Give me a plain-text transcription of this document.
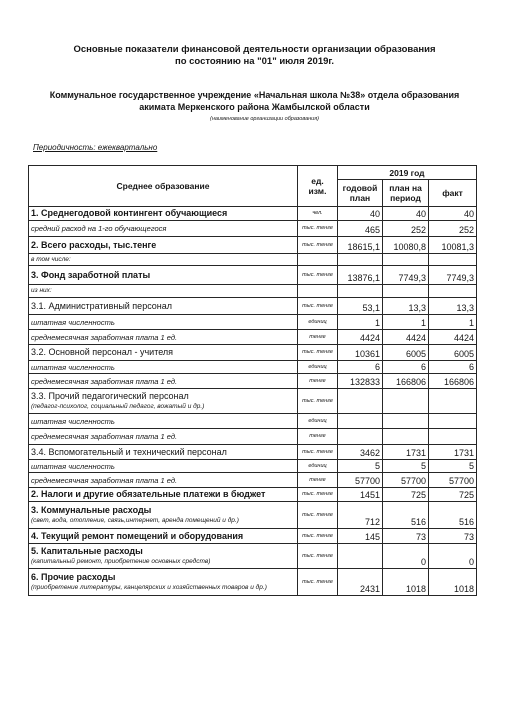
Основные показатели финансовой деятельности организации образования
по состоянию на "01" июля 2019г.
Коммунальное государственное учреждение «Начальная школа №38» отдела образования
акимата Меркенского района Жамбылской области
(наименование организации образования)
Периодичность: ежеквартально
Среднее образование	ед. изм.	2019 год		
		годовой план	план на период	факт
1. Среднегодовой контингент обучающиеся	чел.	40	40	40
средний расход на 1-го обучающегося	тыс. тенге	465	252	252
2. Всего расходы, тыс.тенге	тыс. тенге	18615,1	10080,8	10081,3
в том числе:				
3. Фонд заработной платы	тыс. тенге	13876,1	7749,3	7749,3
из них:				
3.1. Административный персонал	тыс. тенге	53,1	13,3	13,3
штатная численность	единиц	1	1	1
среднемесячная заработная плата 1 ед.	тенге	4424	4424	4424
3.2. Основной персонал - учителя	тыс. тенге	10361	6005	6005
штатная численность	единиц	6	6	6
среднемесячная заработная плата 1 ед.	тенге	132833	166806	166806

3.3. Прочий педагогический персонал
(педагог-психолог, социальный педагог, вожатый и др.)	тыс. тенге			
штатная численность	единиц			
среднемесячная заработная плата 1 ед.	тенге			
3.4. Вспомогательный и технический персонал	тыс. тенге	3462	1731	1731
штатная численность	единиц	5	5	5
среднемесячная заработная плата 1 ед.	тенге	57700	57700	57700
2. Налоги и другие обязательные платежи в бюджет	тыс. тенге	1451	725	725

3. Коммунальные расходы
(свет, вода, отопление, связь,интернет, аренда помещений и др.)	тыс. тенге	712	516	516
4. Текущий ремонт помещений и оборудования	тыс. тенге	145	73	73

5. Капитальные расходы
(капитальный ремонт, приобретение основных средств)	тыс. тенге		0	0

6. Прочие расходы
(приобретение литературы, канцелярских и хозяйственных товаров и др.)	тыс. тенге	2431	1018	1018
